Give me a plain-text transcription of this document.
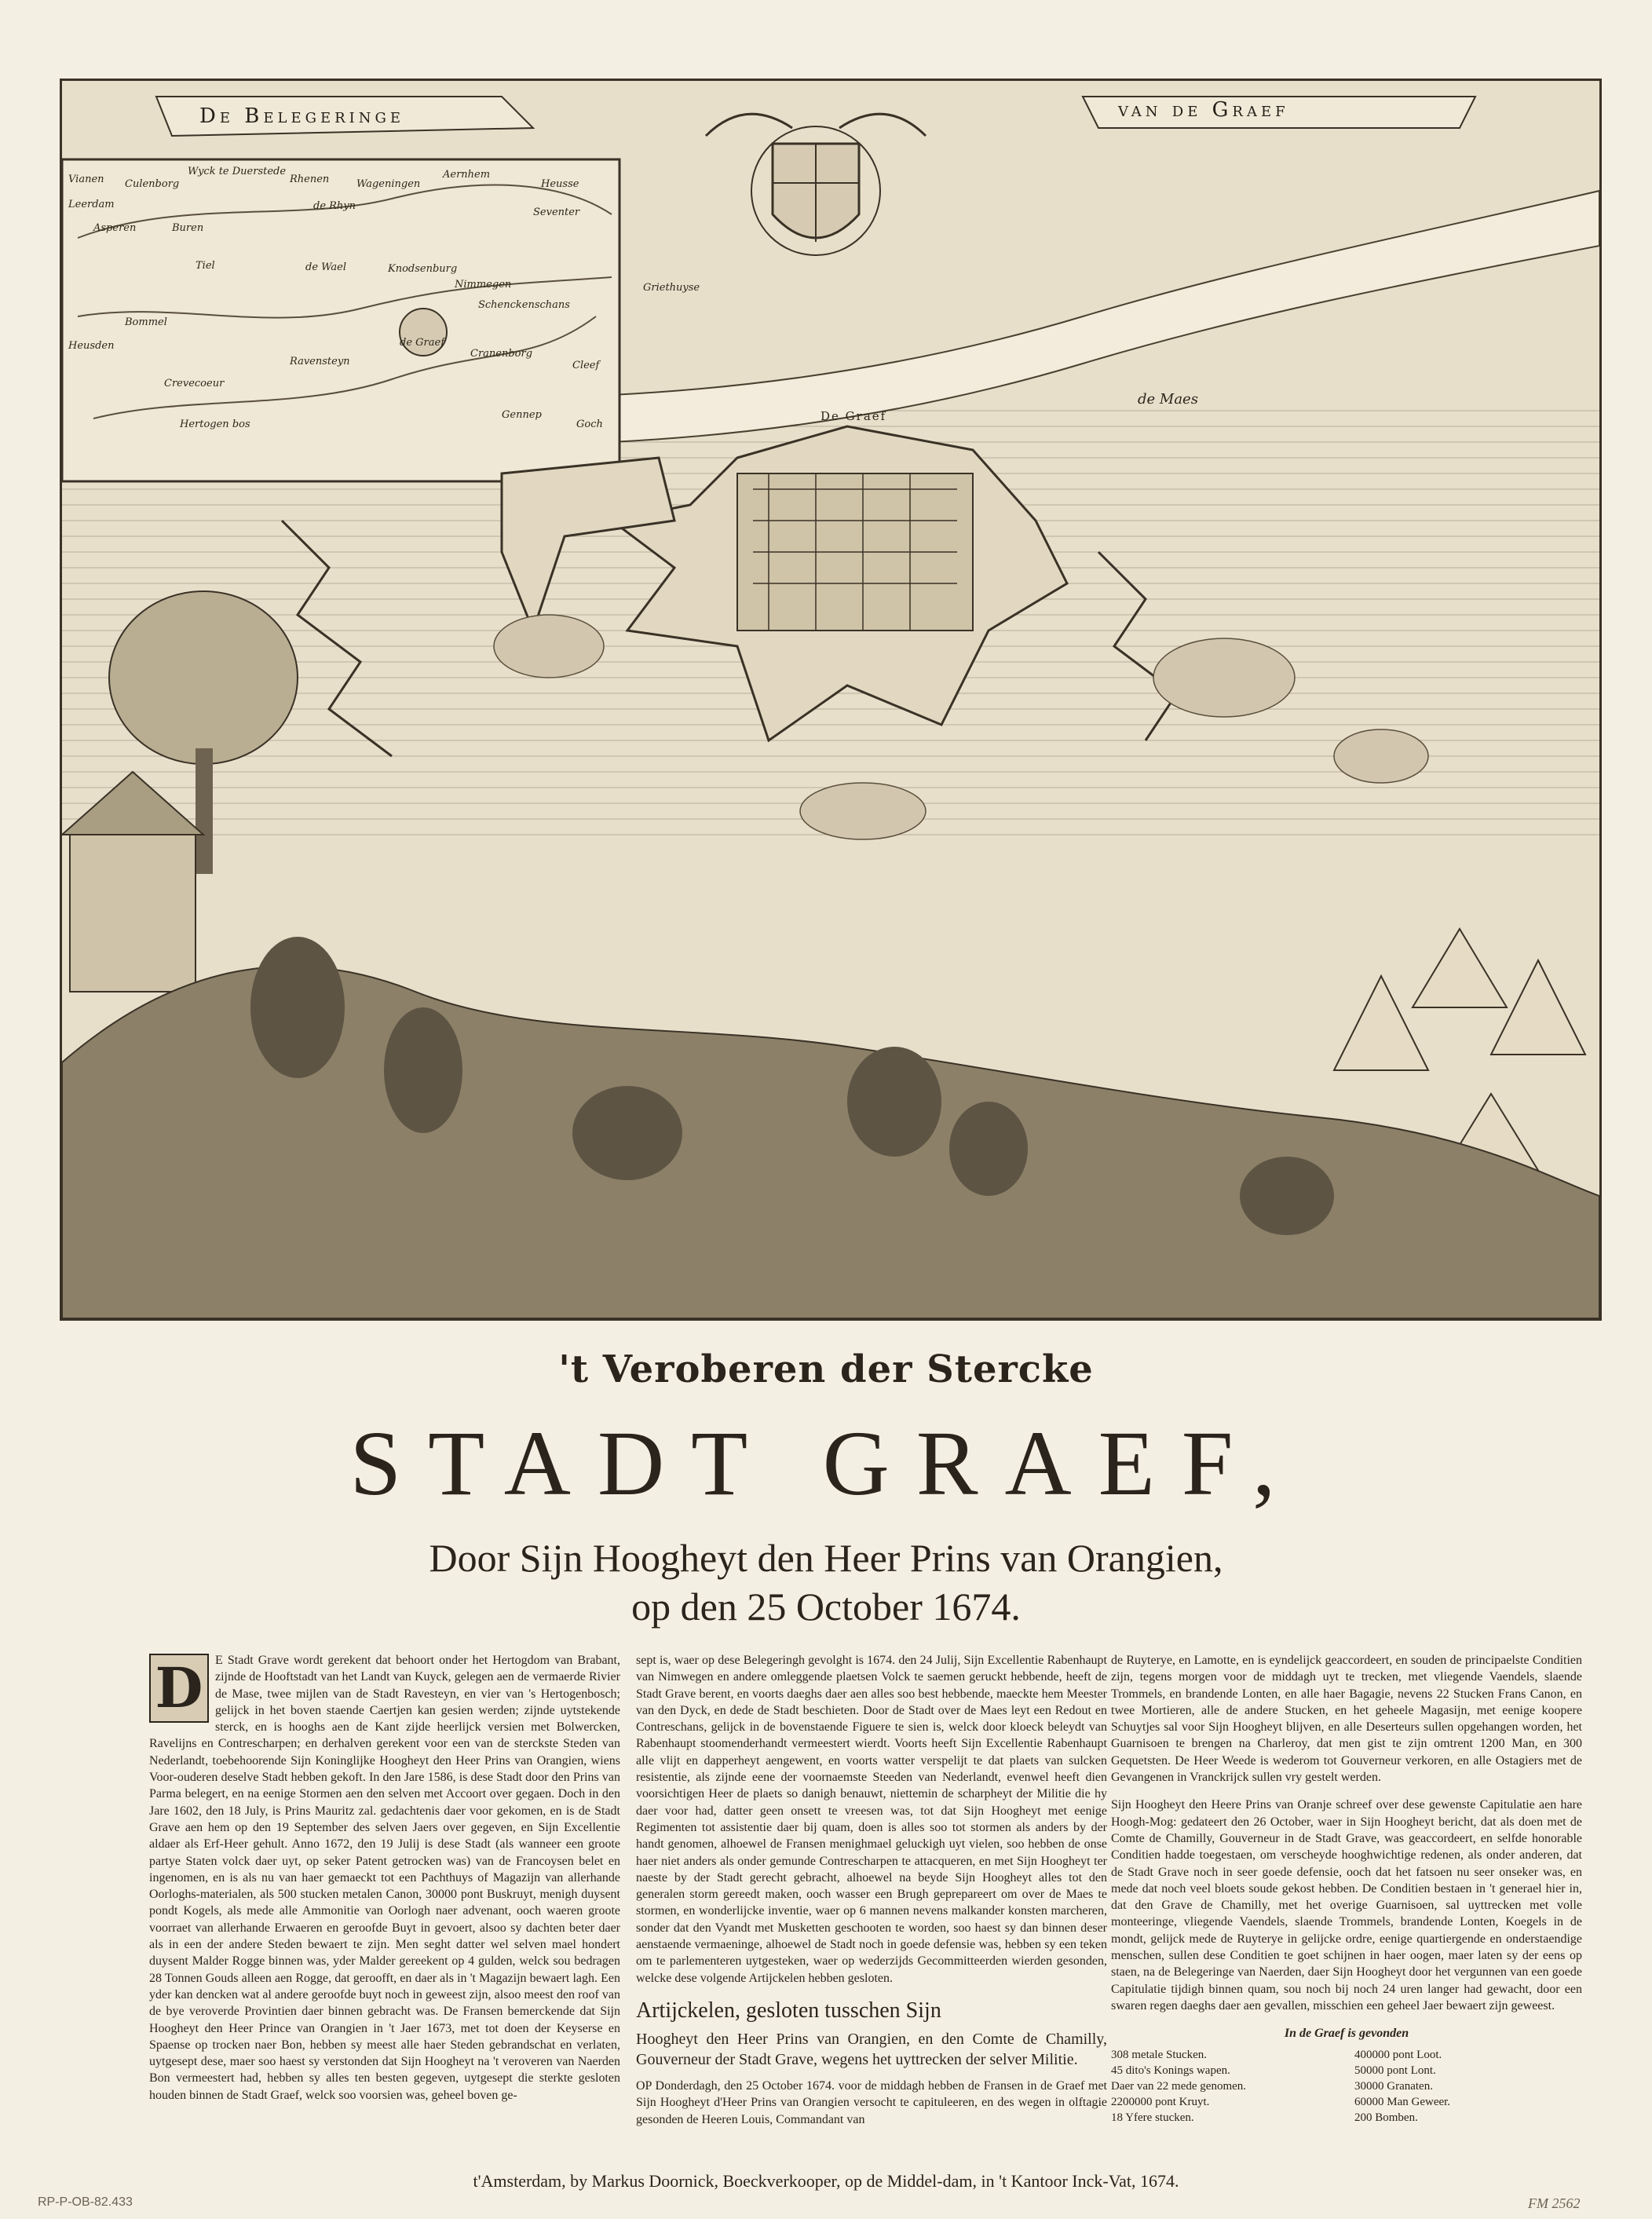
De Belegeringe	van de Graef
de Maes
De Graef
Vianen Culenborg
Wyck te Duerstede
Rhenen	Wageningen
Aernhem
Heusse
Leerdam
Asperen	Buren
de Rhyn
Seventer
Tiel	de Wael	Knodsenburg
Nimmegen
Schenckenschans
Bommel
Heusden
Crevecoeur
Ravensteyn
de Graef
Cranenborg
Hertogen bos
Gennep
Goch
Cleef
Griethuyse
't Veroberen der Stercke
STADT GRAEF,
Door Sijn Hoogheyt den Heer Prins van Orangien,
op den 25 October 1674.
D E Stadt Grave wordt gerekent dat behoort onder het Hertogdom van Brabant, zijnde de Hooftstadt van het Landt van Kuyck, gelegen aen de vermaerde Rivier de Mase, twee mijlen van de Stadt Ravesteyn, en vier van 's Hertogenbosch; gelijck in het boven staende Caertjen kan gesien werden; zijnde uytstekende sterck, en is hooghs aen de Kant zijde heerlijck versien met Bolwercken, Ravelijns en Contrescharpen; en derhalven gerekent voor een van de sterckste Steden van Nederlandt, toebehoorende Sijn Koninglijke Hoogheyt den Heer Prins van Orangien, wiens Voor-ouderen deselve Stadt hebben gekoft. In den Jare 1586, is dese Stadt door den Prins van Parma belegert, en na eenige Stormen aen den selven met Accoort over gegaen. Doch in den Jare 1602, den 18 July, is Prins Mauritz zal. gedachtenis daer voor gekomen, en is de Stadt Grave aen hem op den 19 September des selven Jaers over gegeven, en Sijn Excellentie aldaer als Erf-Heer gehult. Anno 1672, den 19 Julij is dese Stadt (als wanneer een groote partye Staten volck daer uyt, op seker Patent getrocken was) van de Francoysen belet en ingenomen, en is als nu van haer gemaeckt tot een Pachthuys of Magazijn van allerhande Oorloghs-materialen, als 500 stucken metalen Canon, 30000 pont Buskruyt, menigh duysent pondt Kogels, als mede alle Ammonitie van Oorlogh naer advenant, ooch waeren groote voorraet van allerhande Erwaeren en geroofde Buyt in gevoert, alsoo sy dachten beter daer als in een der andere Steden bewaert te zijn. Men seght datter wel selven mael hondert duysent Malder Rogge binnen was, yder Malder gereekent op 4 gulden, welck sou bedragen 28 Tonnen Gouds alleen aen Rogge, dat geroofft, en daer als in 't Magazijn bewaert lagh. Een yder kan dencken wat al andere geroofde buyt noch in geweest zijn, alsoo meest den roof van de bye veroverde Provintien daer binnen gebracht was. De Fransen bemerckende dat Sijn Hoogheyt den Heer Prince van Orangien in 't Jaer 1673, met tot doen der Keyserse en Spaense op trocken naer Bon, hebben sy meest alle haer Steden gebrandschat en verlaten, uytgesept dese, maer soo haest sy verstonden dat Sijn Hoogheyt na 't veroveren van Naerden Bon vermeestert had, hebben sy alles ten besten gegeven, uytgesept die sterkte gesloten houden binnen de Stadt Graef, welck soo voorsien was, geheel boven ge-

sept is, waer op dese Belegeringh gevolght is 1674. den 24 Julij, Sijn Excellentie Rabenhaupt van Nimwegen en andere omleggende plaetsen Volck te saemen geruckt hebbende, heeft de Stadt Grave berent, en voorts daeghs daer aen alles soo best hebbende, maeckte hem Meester van den Dyck, en dede de Stadt beschieten. Door de Stadt over de Maes leyt een Redout en Contreschans, gelijck in de bovenstaende Figuere te sien is, welck door kloeck beleydt van Rabenhaupt stoomenderhandt vermeestert wierdt. Voorts heeft Sijn Excellentie Rabenhaupt alle vlijt en dapperheyt aengewent, en voorts watter verspelijt te dat plaets van sulcken resistentie, als zijnde eene der voornaemste Steeden van Nederlandt, evenwel heeft dien voorsichtigen Heer de plaets so danigh benauwt, niettemin de scharpheyt der Militie die hy daer voor had, datter geen onsett te vreesen was, tot dat Sijn Hoogheyt met eenige Regimenten tot assistentie daer bij quam, doen is alles soo tot stormen als anders by der handt genomen, alhoewel de Fransen menighmael geluckigh uyt vielen, soo hebben de onse haer niet anders als onder gemunde Contrescharpen te attacqueren, en met Sijn Hoogheyt ter naeste by der Stadt gerecht gebracht, alhoewel na beyde Sijn Hoogheyt alles tot den generalen storm gereedt maken, ooch wasser een Brugh geprepareert om over de Maes te stormen, en wonderlijcke inventie, waer op 6 mannen nevens malkander konsten marcheren, sonder dat den Vyandt met Musketten geschooten te worden, soo haest sy dan binnen deser aenstaende vermaeninge, alhoewel de Stadt noch in goede defensie was, hebben sy een teken om te parlementeren uytgesteken, waer op wederzijds Gecommitteerden wierden gesonden, welcke dese volgende Artijckelen hebben gesloten.

Artijckelen, gesloten tusschen Sijn
Hoogheyt den Heer Prins van Orangien, en den Comte de Chamilly, Gouverneur der Stadt Grave, wegens het uyttrecken der selver Militie.

OP Donderdagh, den 25 October 1674. voor de middagh hebben de Fransen in de Graef met Sijn Hoogheyt d'Heer Prins van Orangien versocht te capituleeren, en des wegen in olftagie gesonden de Heeren Louis, Commandant van

de Ruyterye, en Lamotte, en is eyndelijck geaccordeert, en souden de principaelste Conditien zijn, tegens morgen voor de middagh uyt te trecken, met vliegende Vaendels, slaende Trommels, en brandende Lonten, en alle haer Bagagie, nevens 22 Stucken Frans Canon, en twee Mortieren, alle de andere Stucken, en het geheele Magasijn, met eenige koopere Schuytjes sal voor Sijn Hoogheyt blijven, en alle Deserteurs sullen opgehangen worden, het Guarnisoen te brengen na Charleroy, dat men gist te zijn omtrent 1200 Man, en 300 Gequetsten. De Heer Weede is wederom tot Gouverneur verkoren, en alle Ostagiers met de Gevangenen in Vranckrijck sullen vry gestelt werden.

Sijn Hoogheyt den Heere Prins van Oranje schreef over dese gewenste Capitulatie aen hare Hoogh-Mog: gedateert den 26 October, waer in Sijn Hoogheyt bericht, dat als doen met de Comte de Chamilly, Gouverneur in de Stadt Grave, was geaccordeert, en selfde honorable Conditien hadde toegestaen, om verscheyde hooghwichtige redenen, als onder anderen, dat de Stadt Grave noch in seer goede defensie, ooch dat het fatsoen nu seer onseker was, en mede dat noch veel bloets soude gekost hebben. De Conditien bestaen in 't generael hier in, dat den Grave de Chamilly, met het overige Guarnisoen, sal uyttrecken met volle monteeringe, vliegende Vaendels, slaende Trommels, brandende Lonten, Koegels in de mondt, gelijck mede de Ruyterye in gelijcke ordre, eenige quartiergende en onderstaendige menschen, sullen dese Conditien te goet schijnen in haer oogen, maer laten sy der eens op staen, na de Belegeringe van Naerden, daer Sijn Hoogheyt door het vergunnen van een goede Capitulatie tijdigh binnen quam, sou noch bij noch 24 uren langer had gewacht, door een swaren regen daeghs daer aen gevallen, misschien een geheel Jaer bewaert zijn geweest.

In de Graef is gevonden
308 metale Stucken.	400000 pont Loot.
45 dito's Konings wapen.	50000 pont Lont.
Daer van 22 mede genomen.	30000 Granaten.
2200000 pont Kruyt.	60000 Man Geweer.
18 Yfere stucken.	200 Bomben.
t'Amsterdam, by Markus Doornick, Boeckverkooper, op de Middel-dam, in 't Kantoor Inck-Vat, 1674.
RP-P-OB-82.433	FM 2562
